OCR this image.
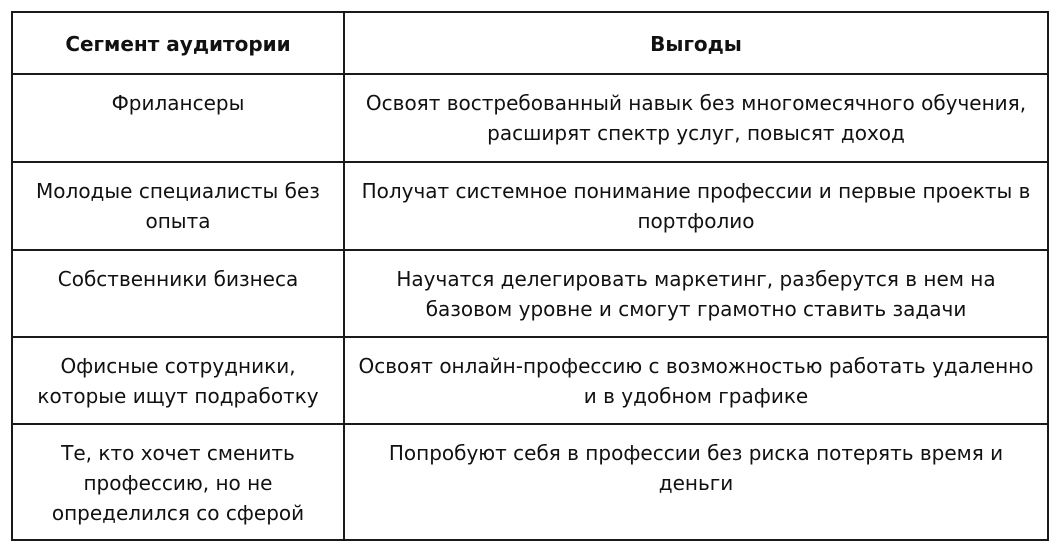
Сегмент аудитории	Выгоды
Фрилансеры	Освоят востребованный навык без многомесячного обучения, расширят спектр услуг, повысят доход
Молодые специалисты без опыта	Получат системное понимание профессии и первые проекты в портфолио
Собственники бизнеса	Научатся делегировать маркетинг, разберутся в нем на базовом уровне и смогут грамотно ставить задачи
Офисные сотрудники, которые ищут подработку	Освоят онлайн-профессию с возможностью работать удаленно и в удобном графике
Те, кто хочет сменить профессию, но не определился со сферой	Попробуют себя в профессии без риска потерять время и деньги
